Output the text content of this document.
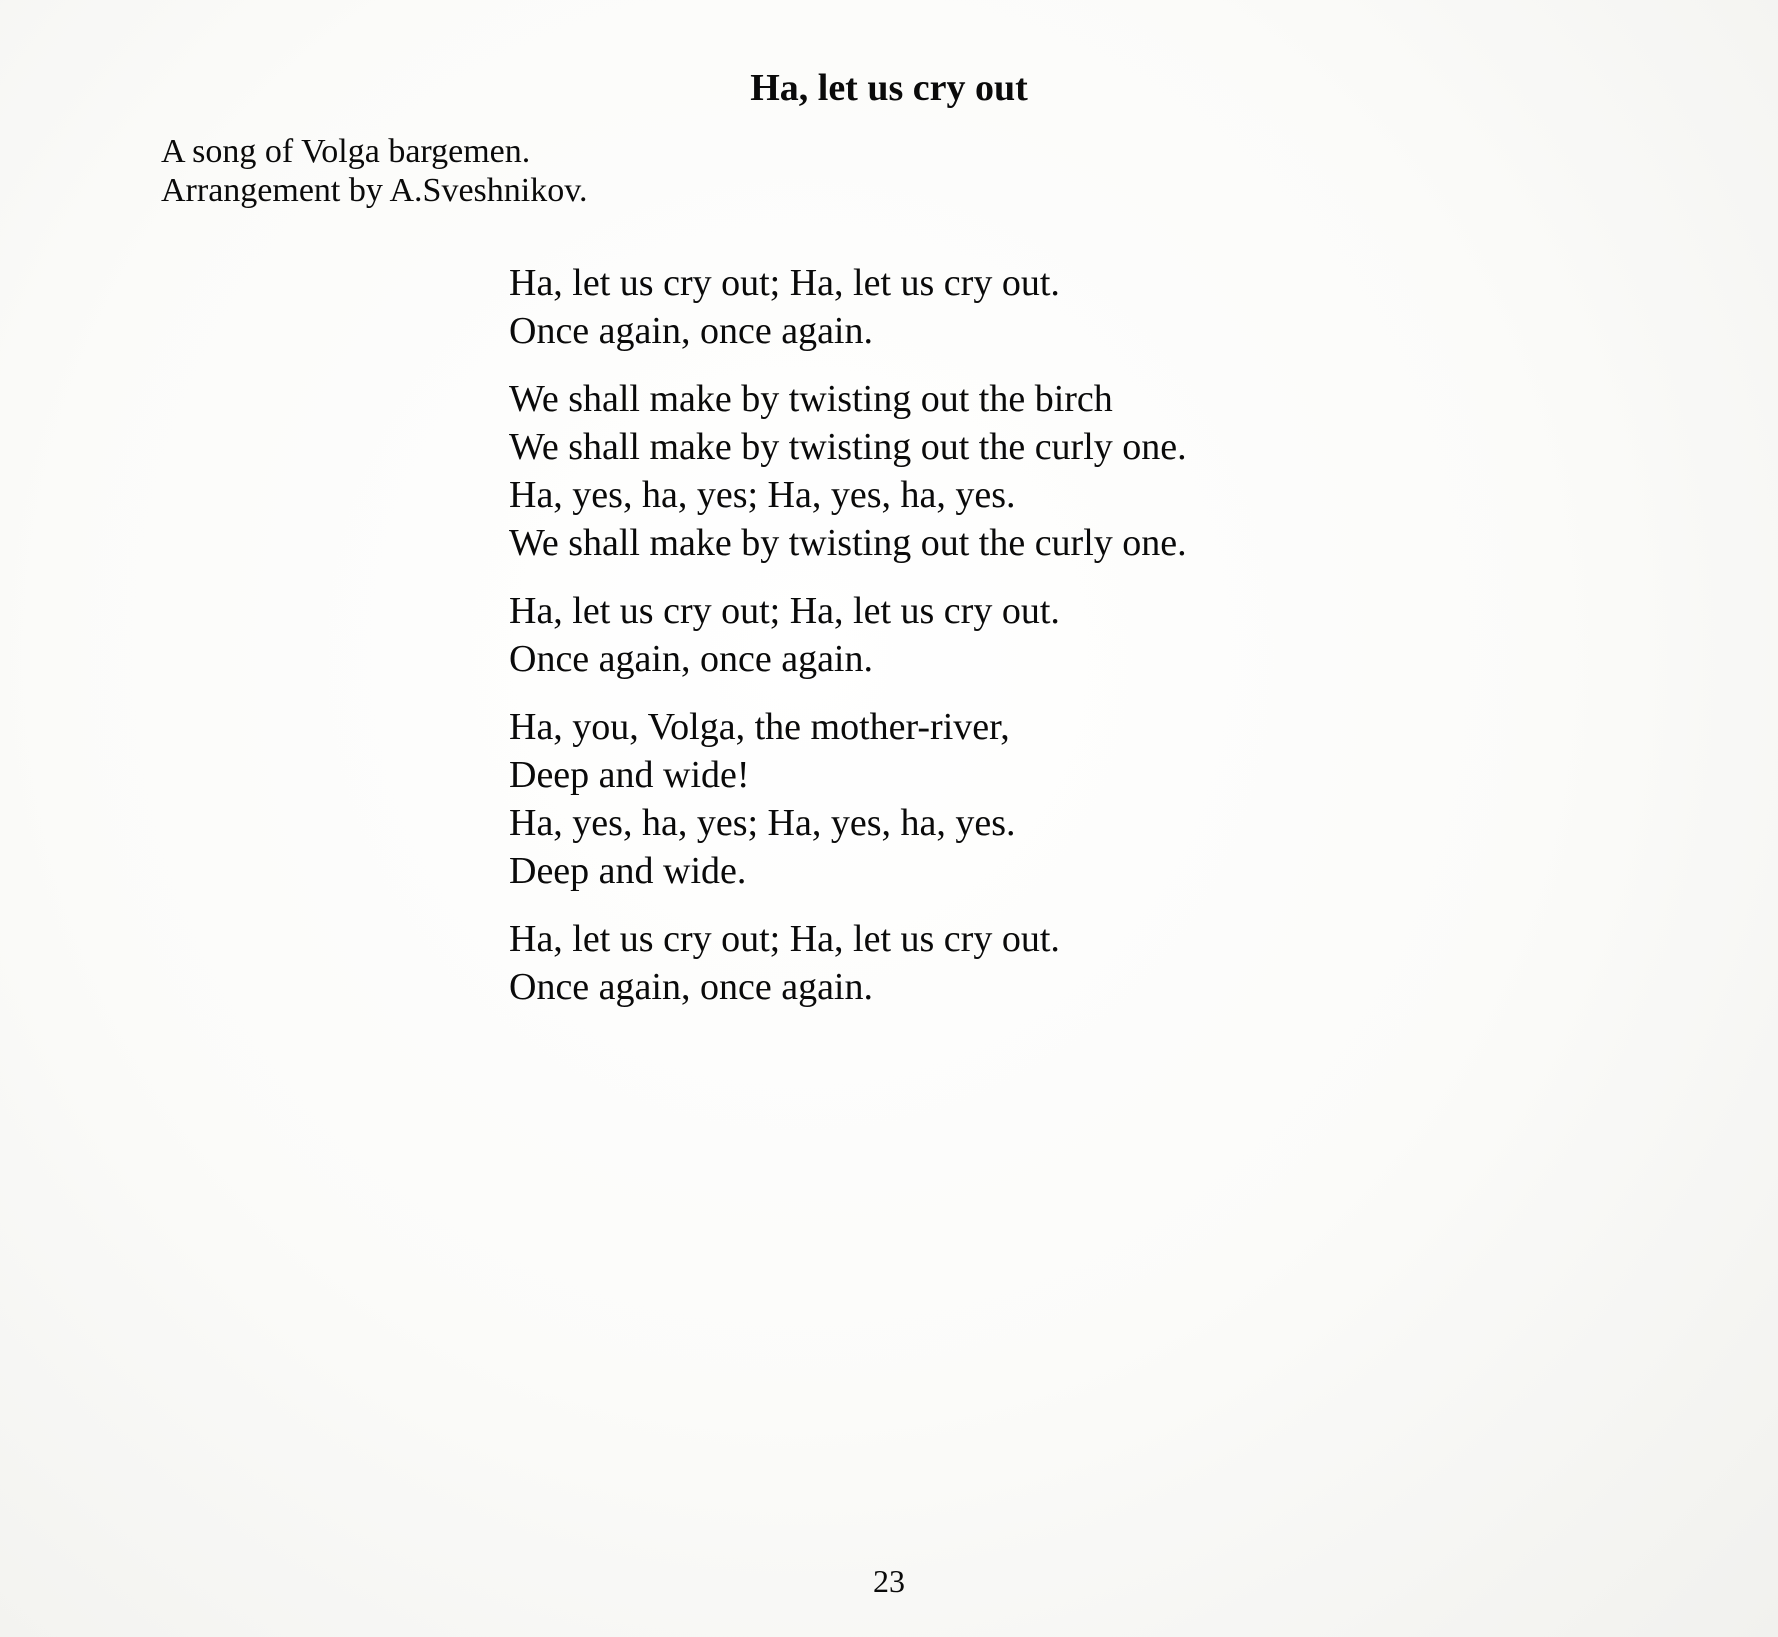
Ha, let us cry out
A song of Volga bargemen.
Arrangement by A.Sveshnikov.
Ha, let us cry out; Ha, let us cry out.
Once again, once again.
We shall make by twisting out the birch
We shall make by twisting out the curly one.
Ha, yes, ha, yes; Ha, yes, ha, yes.
We shall make by twisting out the curly one.
Ha, let us cry out; Ha, let us cry out.
Once again, once again.
Ha, you, Volga, the mother-river,
Deep and wide!
Ha, yes, ha, yes; Ha, yes, ha, yes.
Deep and wide.
Ha, let us cry out; Ha, let us cry out.
Once again, once again.
23
